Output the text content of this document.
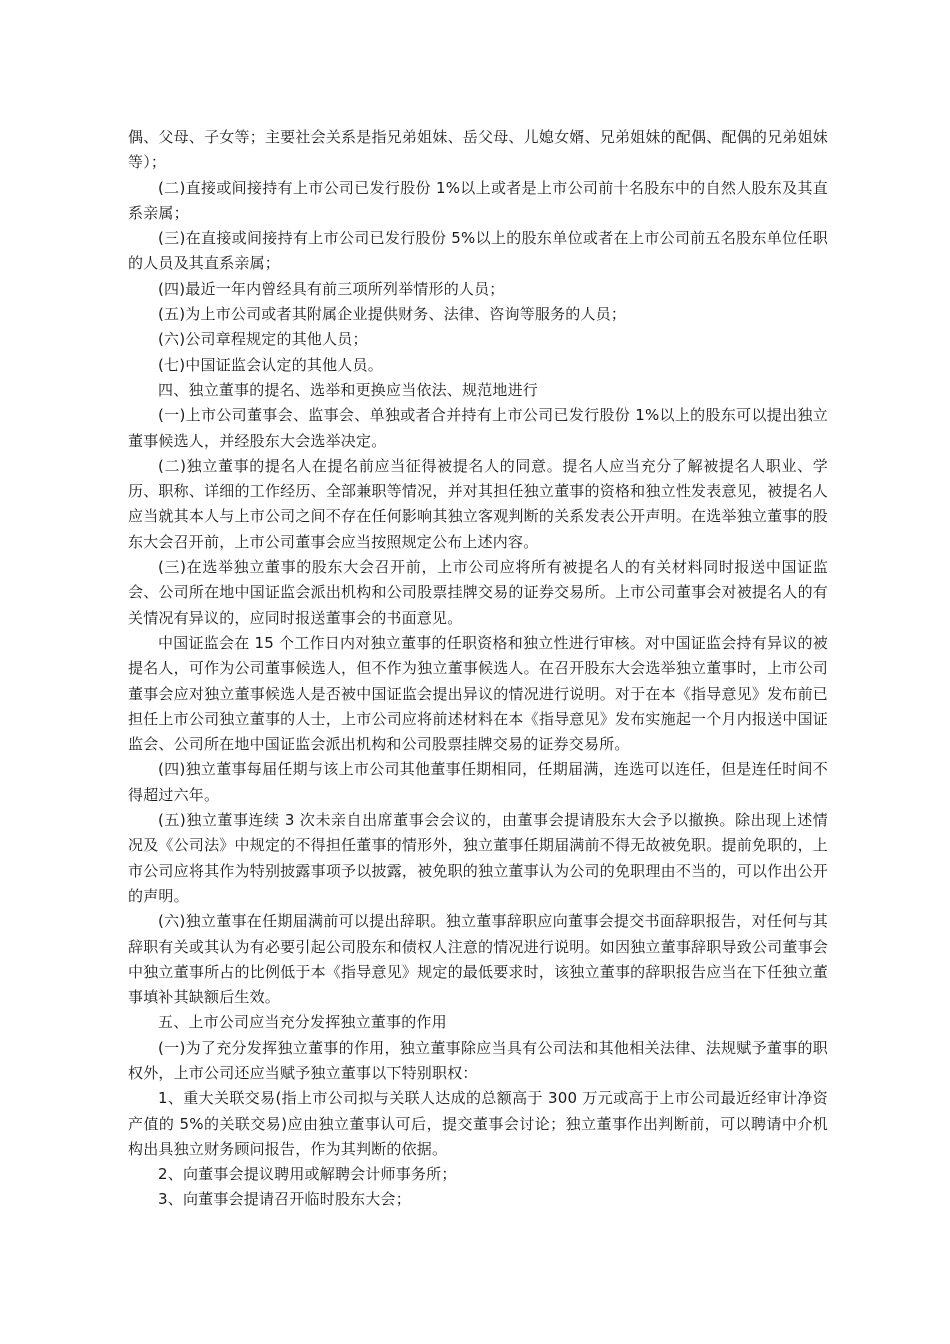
偶、父母、子女等；主要社会关系是指兄弟姐妹、岳父母、儿媳女婿、兄弟姐妹的配偶、配偶的兄弟姐妹等）；

(二)直接或间接持有上市公司已发行股份 1%以上或者是上市公司前十名股东中的自然人股东及其直系亲属；

(三)在直接或间接持有上市公司已发行股份 5%以上的股东单位或者在上市公司前五名股东单位任职的人员及其直系亲属；

(四)最近一年内曾经具有前三项所列举情形的人员；

(五)为上市公司或者其附属企业提供财务、法律、咨询等服务的人员；

(六)公司章程规定的其他人员；

(七)中国证监会认定的其他人员。

四、独立董事的提名、选举和更换应当依法、规范地进行

(一)上市公司董事会、监事会、单独或者合并持有上市公司已发行股份 1%以上的股东可以提出独立董事候选人，并经股东大会选举决定。

(二)独立董事的提名人在提名前应当征得被提名人的同意。提名人应当充分了解被提名人职业、学历、职称、详细的工作经历、全部兼职等情况，并对其担任独立董事的资格和独立性发表意见，被提名人应当就其本人与上市公司之间不存在任何影响其独立客观判断的关系发表公开声明。在选举独立董事的股东大会召开前，上市公司董事会应当按照规定公布上述内容。

(三)在选举独立董事的股东大会召开前，上市公司应将所有被提名人的有关材料同时报送中国证监会、公司所在地中国证监会派出机构和公司股票挂牌交易的证券交易所。上市公司董事会对被提名人的有关情况有异议的，应同时报送董事会的书面意见。

中国证监会在 15 个工作日内对独立董事的任职资格和独立性进行审核。对中国证监会持有异议的被提名人，可作为公司董事候选人，但不作为独立董事候选人。在召开股东大会选举独立董事时，上市公司董事会应对独立董事候选人是否被中国证监会提出异议的情况进行说明。对于在本《指导意见》发布前已担任上市公司独立董事的人士，上市公司应将前述材料在本《指导意见》发布实施起一个月内报送中国证监会、公司所在地中国证监会派出机构和公司股票挂牌交易的证券交易所。

(四)独立董事每届任期与该上市公司其他董事任期相同，任期届满，连选可以连任，但是连任时间不得超过六年。

(五)独立董事连续 3 次未亲自出席董事会会议的，由董事会提请股东大会予以撤换。除出现上述情况及《公司法》中规定的不得担任董事的情形外，独立董事任期届满前不得无故被免职。提前免职的，上市公司应将其作为特别披露事项予以披露，被免职的独立董事认为公司的免职理由不当的，可以作出公开的声明。

(六)独立董事在任期届满前可以提出辞职。独立董事辞职应向董事会提交书面辞职报告，对任何与其辞职有关或其认为有必要引起公司股东和债权人注意的情况进行说明。如因独立董事辞职导致公司董事会中独立董事所占的比例低于本《指导意见》规定的最低要求时，该独立董事的辞职报告应当在下任独立董事填补其缺额后生效。

五、上市公司应当充分发挥独立董事的作用

(一)为了充分发挥独立董事的作用，独立董事除应当具有公司法和其他相关法律、法规赋予董事的职权外，上市公司还应当赋予独立董事以下特别职权：

1、重大关联交易(指上市公司拟与关联人达成的总额高于 300 万元或高于上市公司最近经审计净资产值的 5%的关联交易)应由独立董事认可后，提交董事会讨论；独立董事作出判断前，可以聘请中介机构出具独立财务顾问报告，作为其判断的依据。

2、向董事会提议聘用或解聘会计师事务所；

3、向董事会提请召开临时股东大会；
